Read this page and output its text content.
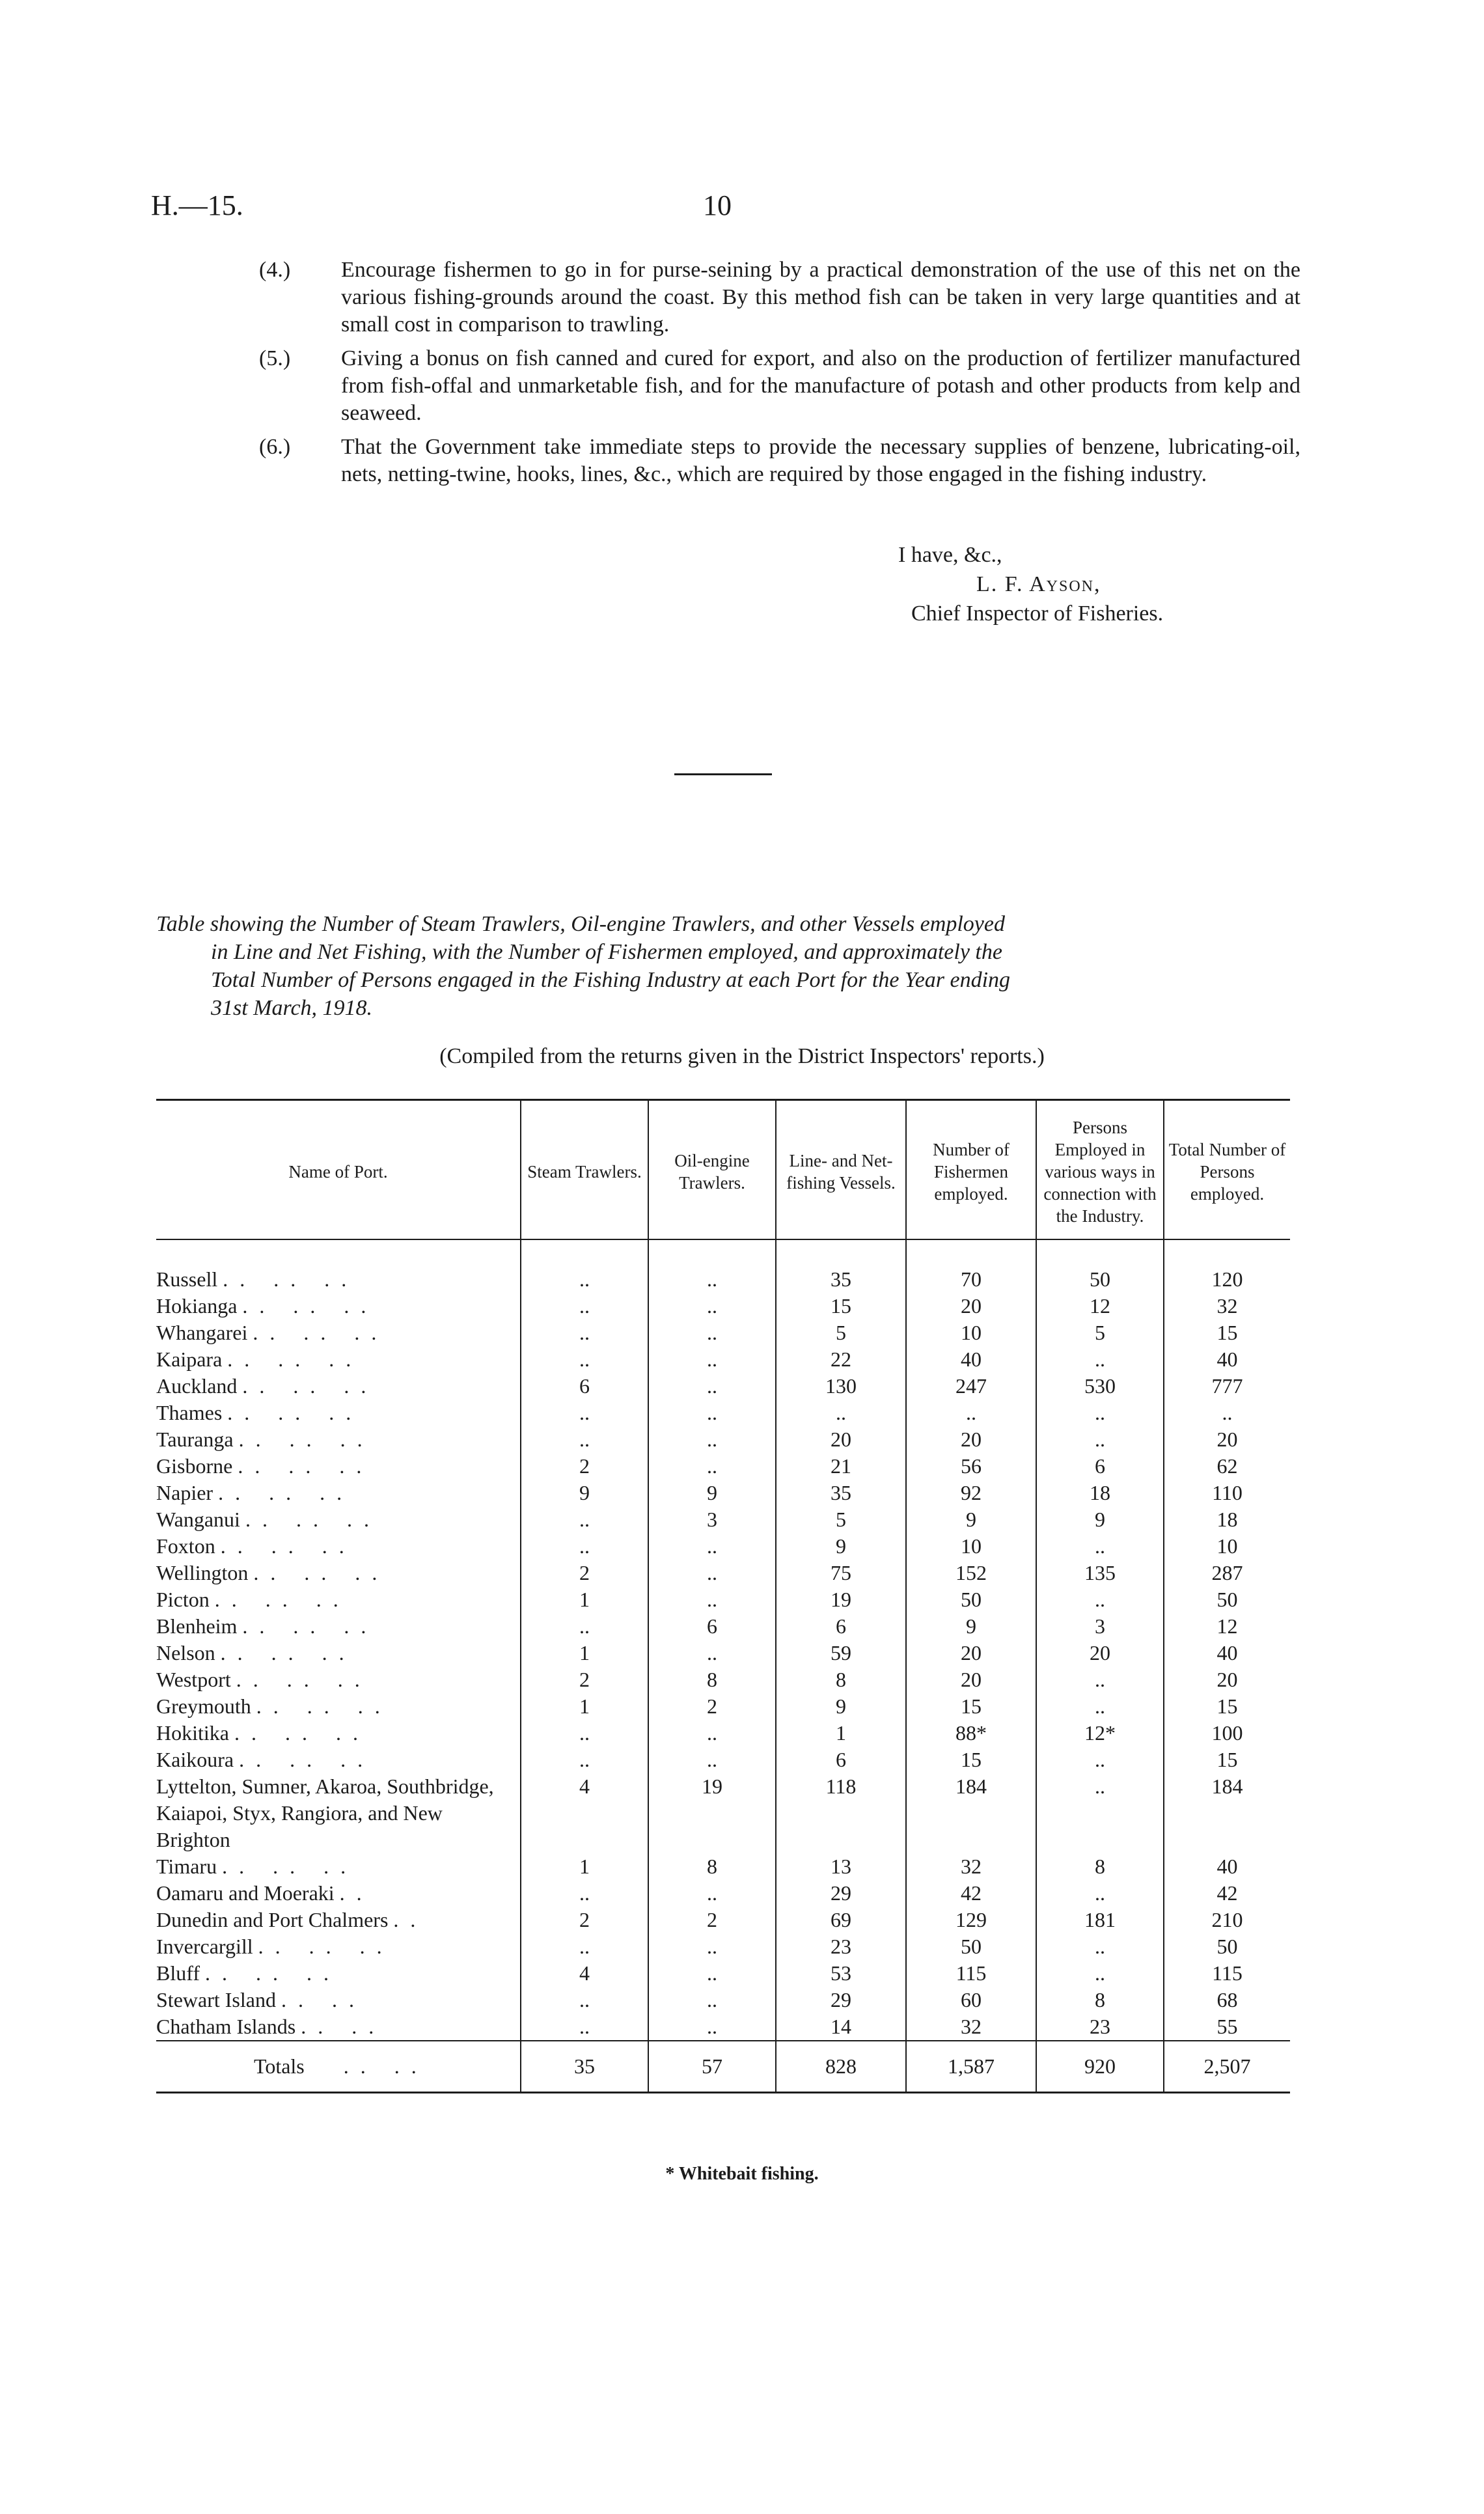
H.—15.	10
(4.)	Encourage fishermen to go in for purse-seining by a practical demonstration of the use of this net on the various fishing-grounds around the coast. By this method fish can be taken in very large quantities and at small cost in comparison to trawling.
(5.)	Giving a bonus on fish canned and cured for export, and also on the production of fertilizer manufactured from fish-offal and unmarketable fish, and for the manufacture of potash and other products from kelp and seaweed.
(6.)	That the Government take immediate steps to provide the necessary supplies of benzene, lubricating-oil, nets, netting-twine, hooks, lines, &c., which are required by those engaged in the fishing industry.
I have, &c.,
L. F. Ayson,
Chief Inspector of Fisheries.
Table showing the Number of Steam Trawlers, Oil-engine Trawlers, and other Vessels employed
in Line and Net Fishing, with the Number of Fishermen employed, and approximately the
Total Number of Persons engaged in the Fishing Industry at each Port for the Year ending
31st March, 1918.
(Compiled from the returns given in the District Inspectors' reports.)
Name of Port.	Steam Trawlers.	Oil-engine Trawlers.	Line- and Net-fishing Vessels.	Number of Fishermen employed.	Persons Employed in various ways in connection with the Industry.	Total Number of Persons employed.
Russell .. .. ..	..	..	35	70	50	120
Hokianga .. .. ..	..	..	15	20	12	32
Whangarei .. .. ..	..	..	5	10	5	15
Kaipara .. .. ..	..	..	22	40	..	40
Auckland .. .. ..	6	..	130	247	530	777
Thames .. .. ..	..	..	..	..	..	..
Tauranga .. .. ..	..	..	20	20	..	20
Gisborne .. .. ..	2	..	21	56	6	62
Napier .. .. ..	9	9	35	92	18	110
Wanganui .. .. ..	..	3	5	9	9	18
Foxton .. .. ..	..	..	9	10	..	10
Wellington .. .. ..	2	..	75	152	135	287
Picton .. .. ..	1	..	19	50	..	50
Blenheim .. .. ..	..	6	6	9	3	12
Nelson .. .. ..	1	..	59	20	20	40
Westport .. .. ..	2	8	8	20	..	20
Greymouth .. .. ..	1	2	9	15	..	15
Hokitika .. .. ..	..	..	1	88*	12*	100
Kaikoura .. .. ..	..	..	6	15	..	15
Lyttelton, Sumner, Akaroa, Southbridge, Kaiapoi, Styx, Rangiora, and New Brighton	4	19	118	184	..	184
Timaru .. .. ..	1	8	13	32	8	40
Oamaru and Moeraki ..	..	..	29	42	..	42
Dunedin and Port Chalmers ..	2	2	69	129	181	210
Invercargill .. .. ..	..	..	23	50	..	50
Bluff .. .. ..	4	..	53	115	..	115
Stewart Island .. ..	..	..	29	60	8	68
Chatham Islands .. ..	..	..	14	32	23	55
Totals .. ..	35	57	828	1,587	920	2,507
* Whitebait fishing.
